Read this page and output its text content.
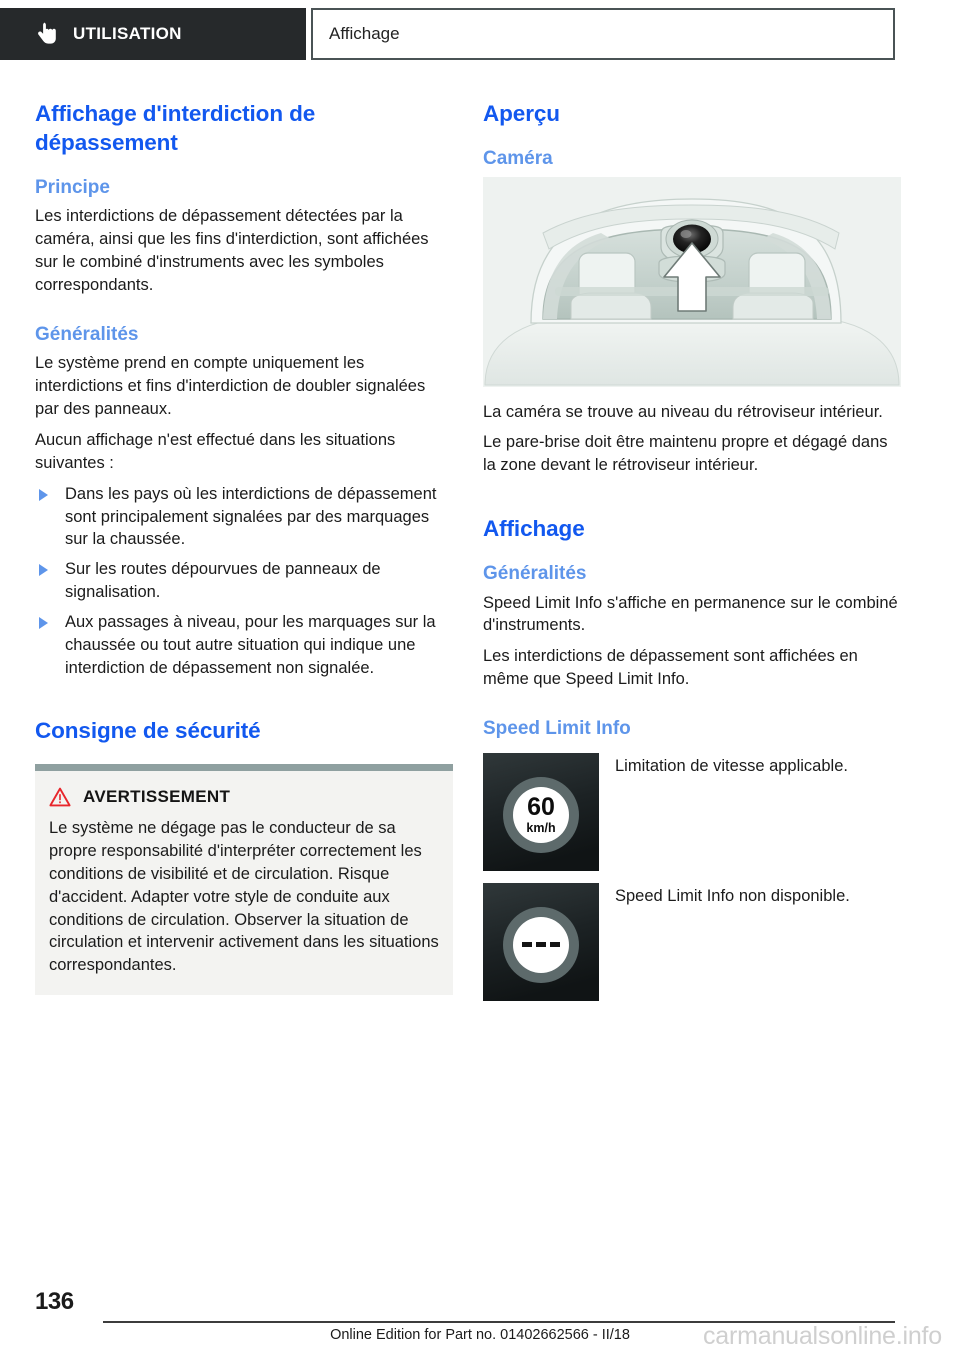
UTILISATION	Affichage
Affichage d'interdiction de dépassement
Principe

Les interdictions de dépassement détectées par la caméra, ainsi que les fins d'interdiction, sont affichées sur le combiné d'instruments avec les symboles correspondants.

Généralités

Le système prend en compte uniquement les interdictions et fins d'interdiction de doubler signalées par des panneaux.

Aucun affichage n'est effectué dans les situations suivantes :

Dans les pays où les interdictions de dépassement sont principalement signalées par des marquages sur la chaussée.
Sur les routes dépourvues de panneaux de signalisation.
Aux passages à niveau, pour les marquages sur la chaussée ou tout autre situation qui indique une interdiction de dépassement non signalée.
Consigne de sécurité
AVERTISSEMENT

Le système ne dégage pas le conducteur de sa propre responsabilité d'interpréter correctement les conditions de visibilité et de circulation. Risque d'accident. Adapter votre style de conduite aux conditions de circulation. Observer la situation de circulation et intervenir activement dans les situations correspondantes.

Aperçu
Caméra

La caméra se trouve au niveau du rétroviseur intérieur.

Le pare-brise doit être maintenu propre et dégagé dans la zone devant le rétroviseur intérieur.

Affichage
Généralités

Speed Limit Info s'affiche en permanence sur le combiné d'instruments.

Les interdictions de dépassement sont affichées en même que Speed Limit Info.

Speed Limit Info
60
km/h

Limitation de vitesse applicable.

Speed Limit Info non disponible.

136
Online Edition for Part no. 01402662566 - II/18	carmanualsonline.info
